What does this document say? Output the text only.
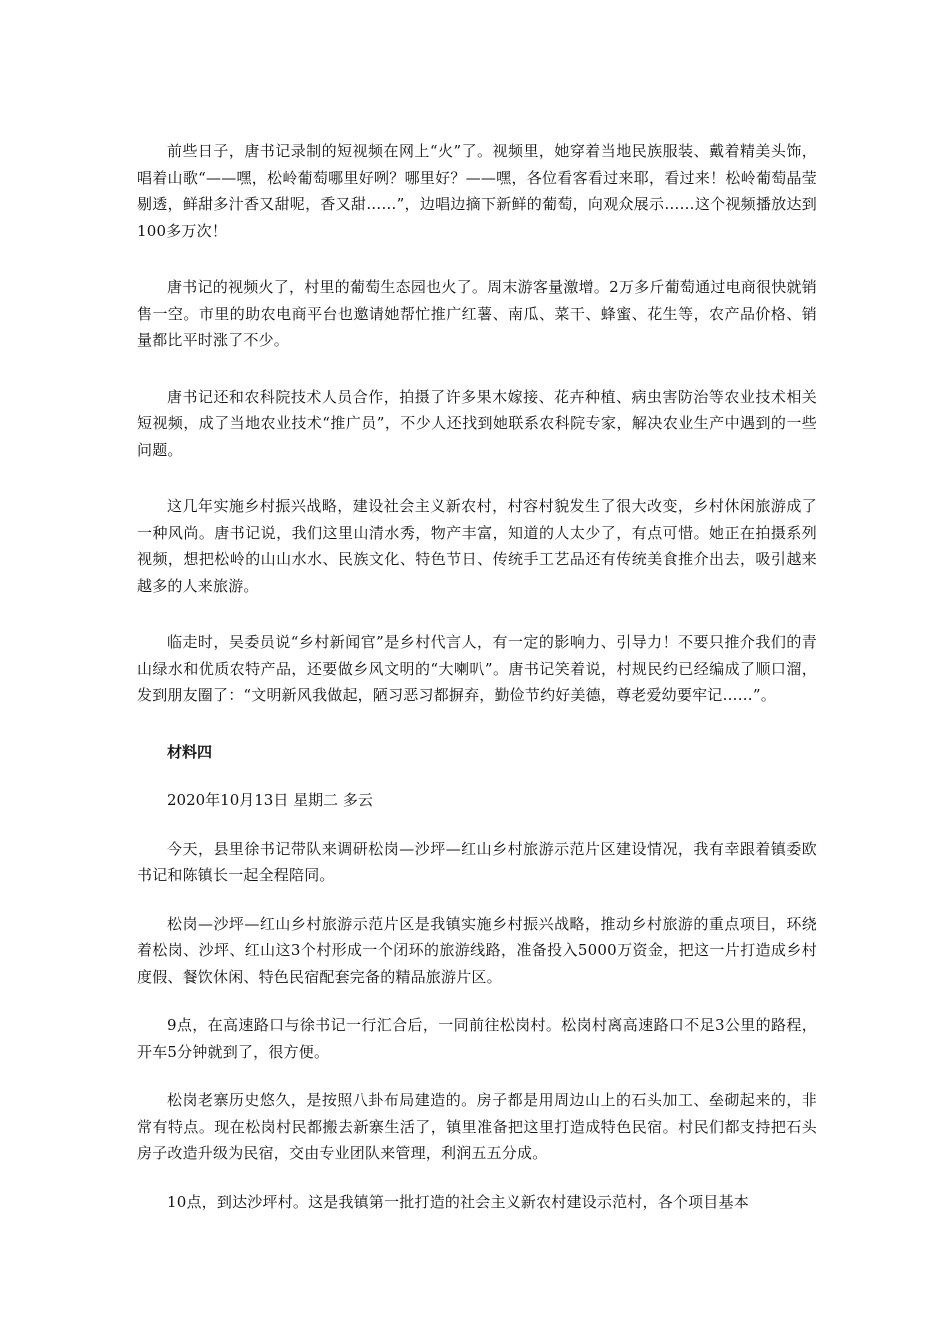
前些日子，唐书记录制的短视频在网上“火”了。视频里，她穿着当地民族服装、戴着精美头饰，唱着山歌“——嘿，松岭葡萄哪里好咧？哪里好？——嘿，各位看客看过来耶，看过来！松岭葡萄晶莹剔透，鲜甜多汁香又甜呢，香又甜……”，边唱边摘下新鲜的葡萄，向观众展示……这个视频播放达到100多万次！

唐书记的视频火了，村里的葡萄生态园也火了。周末游客量激增。2万多斤葡萄通过电商很快就销售一空。市里的助农电商平台也邀请她帮忙推广红薯、南瓜、菜干、蜂蜜、花生等，农产品价格、销量都比平时涨了不少。

唐书记还和农科院技术人员合作，拍摄了许多果木嫁接、花卉种植、病虫害防治等农业技术相关短视频，成了当地农业技术“推广员”，不少人还找到她联系农科院专家，解决农业生产中遇到的一些问题。

这几年实施乡村振兴战略，建设社会主义新农村，村容村貌发生了很大改变，乡村休闲旅游成了一种风尚。唐书记说，我们这里山清水秀，物产丰富，知道的人太少了，有点可惜。她正在拍摄系列视频，想把松岭的山山水水、民族文化、特色节日、传统手工艺品还有传统美食推介出去，吸引越来越多的人来旅游。

临走时，吴委员说“乡村新闻官”是乡村代言人，有一定的影响力、引导力！不要只推介我们的青山绿水和优质农特产品，还要做乡风文明的“大喇叭”。唐书记笑着说，村规民约已经编成了顺口溜，发到朋友圈了：“文明新风我做起，陋习恶习都摒弃，勤俭节约好美德，尊老爱幼要牢记……”。

材料四

2020年10月13日 星期二 多云

今天，县里徐书记带队来调研松岗—沙坪—红山乡村旅游示范片区建设情况，我有幸跟着镇委欧书记和陈镇长一起全程陪同。

松岗—沙坪—红山乡村旅游示范片区是我镇实施乡村振兴战略，推动乡村旅游的重点项目，环绕着松岗、沙坪、红山这3个村形成一个闭环的旅游线路，准备投入5000万资金，把这一片打造成乡村度假、餐饮休闲、特色民宿配套完备的精品旅游片区。

9点，在高速路口与徐书记一行汇合后，一同前往松岗村。松岗村离高速路口不足3公里的路程，开车5分钟就到了，很方便。

松岗老寨历史悠久，是按照八卦布局建造的。房子都是用周边山上的石头加工、垒砌起来的，非常有特点。现在松岗村民都搬去新寨生活了，镇里准备把这里打造成特色民宿。村民们都支持把石头房子改造升级为民宿，交由专业团队来管理，利润五五分成。

10点，到达沙坪村。这是我镇第一批打造的社会主义新农村建设示范村，各个项目基本
